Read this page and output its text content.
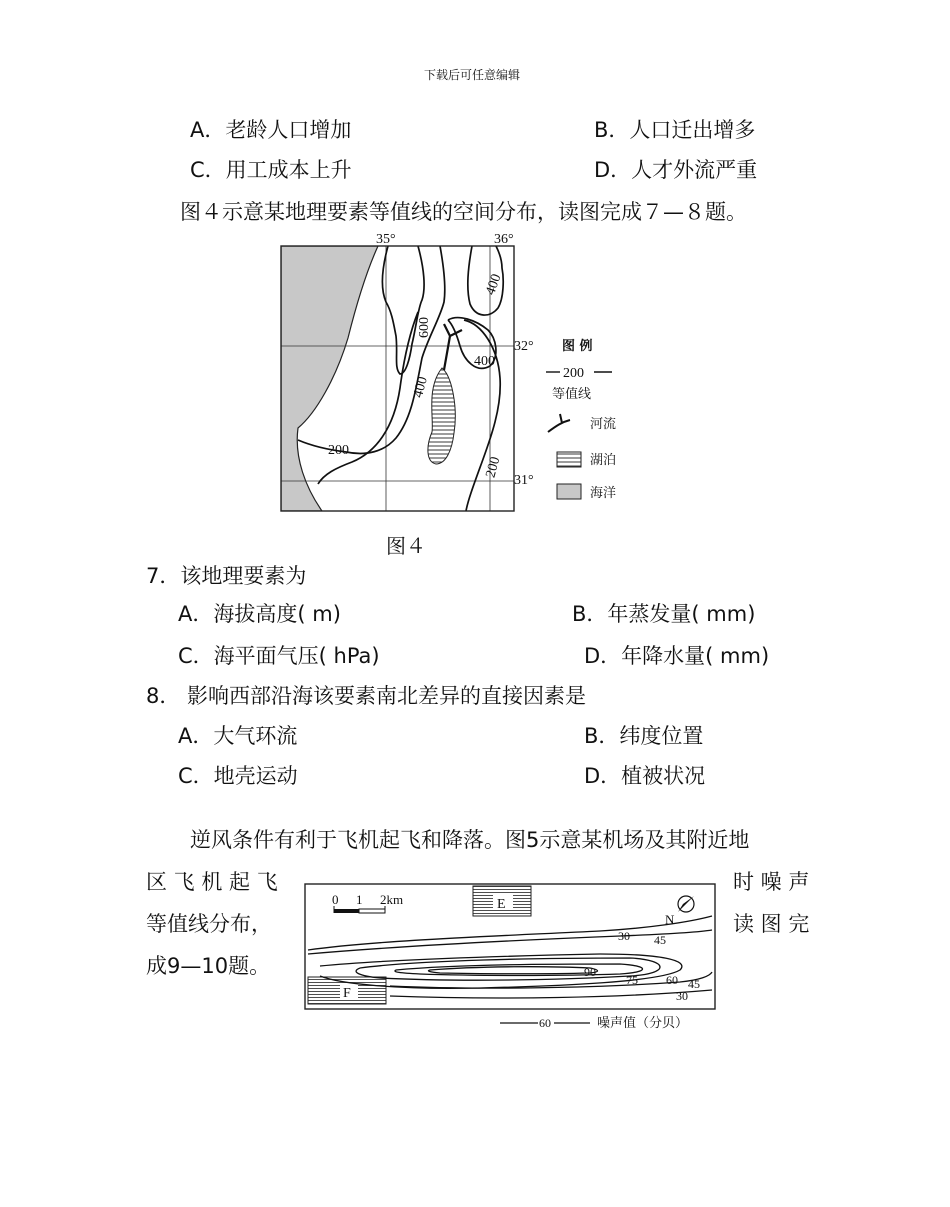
下载后可任意编辑
A．老龄人口增加	B．人口迁出增多
C．用工成本上升	D．人才外流严重
图４示意某地理要素等值线的空间分布，读图完成７—８题。
600
400
400
400
200
200
35°	36°
32°
31°
图 例
200
等值线
河流
湖泊
海洋
图４
7．该地理要素为
A．海拔高度( m)	B．年蒸发量( mm)
C．海平面气压( hPa)	D．年降水量( mm)
8． 影响西部沿海该要素南北差异的直接因素是
A．大气环流	B．纬度位置
C．地壳运动	D．植被状况
逆风条件有利于飞机起飞和降落。图5示意某机场及其附近地
区 飞 机 起 飞	时 噪 声
等值线分布，	读 图 完
成9—10题。
0 1 2km	E
F
N
30 45
90
75 60 45
30
60	噪声值（分贝）
